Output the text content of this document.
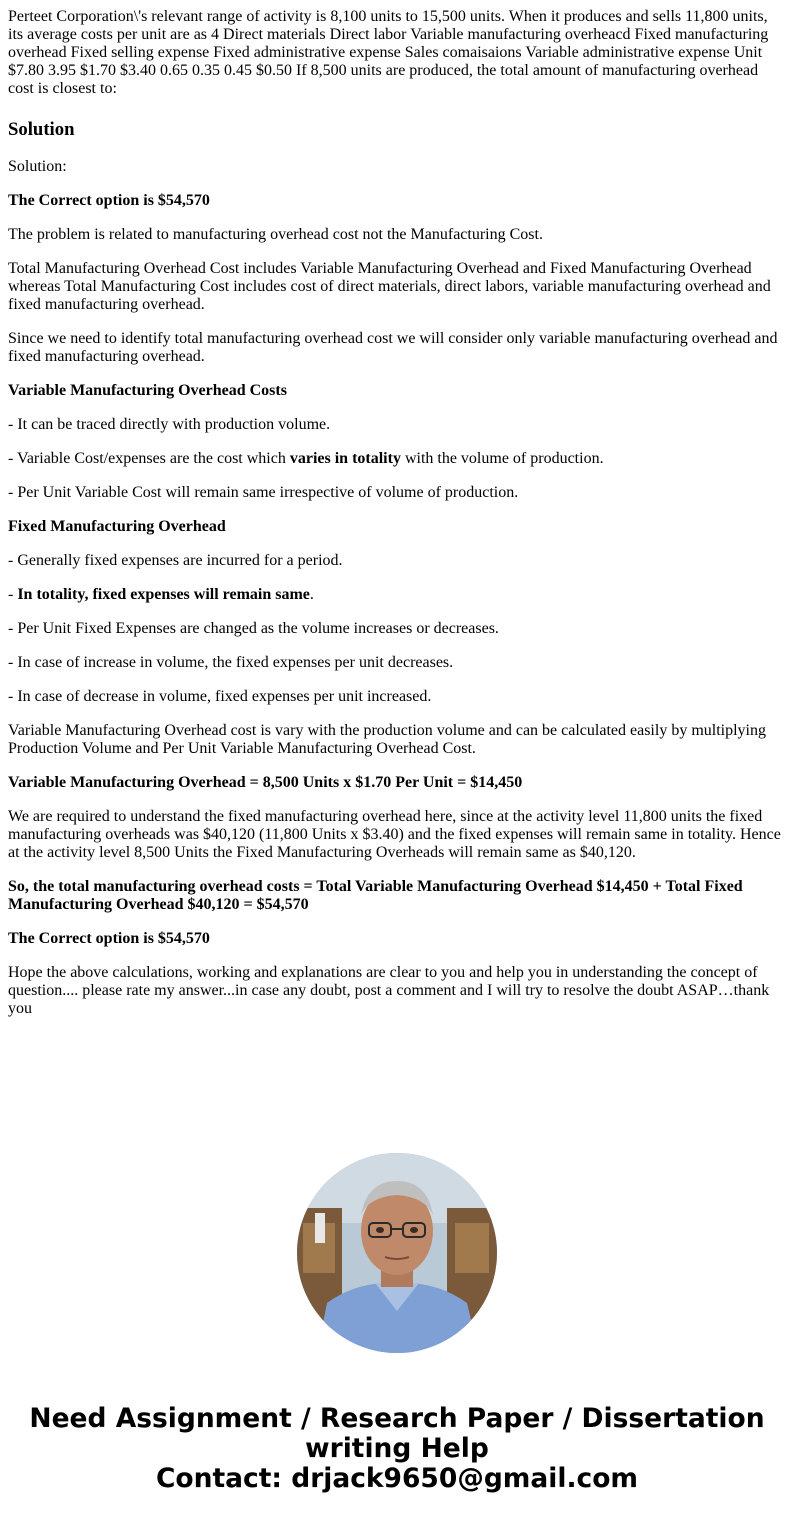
Perteet Corporation\'s relevant range of activity is 8,100 units to 15,500 units. When it produces and sells 11,800 units, its average costs per unit are as 4 Direct materials Direct labor Variable manufacturing overheacd Fixed manufacturing overhead Fixed selling expense Fixed administrative expense Sales comaisaions Variable administrative expense Unit $7.80 3.95 $1.70 $3.40 0.65 0.35 0.45 $0.50 If 8,500 units are produced, the total amount of manufacturing overhead cost is closest to:
Solution

Solution:

The Correct option is $54,570

The problem is related to manufacturing overhead cost not the Manufacturing Cost.

Total Manufacturing Overhead Cost includes Variable Manufacturing Overhead and Fixed Manufacturing Overhead whereas Total Manufacturing Cost includes cost of direct materials, direct labors, variable manufacturing overhead and fixed manufacturing overhead.

Since we need to identify total manufacturing overhead cost we will consider only variable manufacturing overhead and fixed manufacturing overhead.

Variable Manufacturing Overhead Costs

- It can be traced directly with production volume.

- Variable Cost/expenses are the cost which varies in totality with the volume of production.

- Per Unit Variable Cost will remain same irrespective of volume of production.

Fixed Manufacturing Overhead

- Generally fixed expenses are incurred for a period.

- In totality, fixed expenses will remain same.

- Per Unit Fixed Expenses are changed as the volume increases or decreases.

- In case of increase in volume, the fixed expenses per unit decreases.

- In case of decrease in volume, fixed expenses per unit increased.

Variable Manufacturing Overhead cost is vary with the production volume and can be calculated easily by multiplying Production Volume and Per Unit Variable Manufacturing Overhead Cost.

Variable Manufacturing Overhead = 8,500 Units x $1.70 Per Unit = $14,450

We are required to understand the fixed manufacturing overhead here, since at the activity level 11,800 units the fixed manufacturing overheads was $40,120 (11,800 Units x $3.40) and the fixed expenses will remain same in totality. Hence at the activity level 8,500 Units the Fixed Manufacturing Overheads will remain same as $40,120.

So, the total manufacturing overhead costs = Total Variable Manufacturing Overhead $14,450 + Total Fixed Manufacturing Overhead $40,120 = $54,570

The Correct option is $54,570

Hope the above calculations, working and explanations are clear to you and help you in understanding the concept of question.... please rate my answer...in case any doubt, post a comment and I will try to resolve the doubt ASAP…thank you

Need Assignment / Research Paper / Dissertation
writing Help
Contact: drjack9650@gmail.com
